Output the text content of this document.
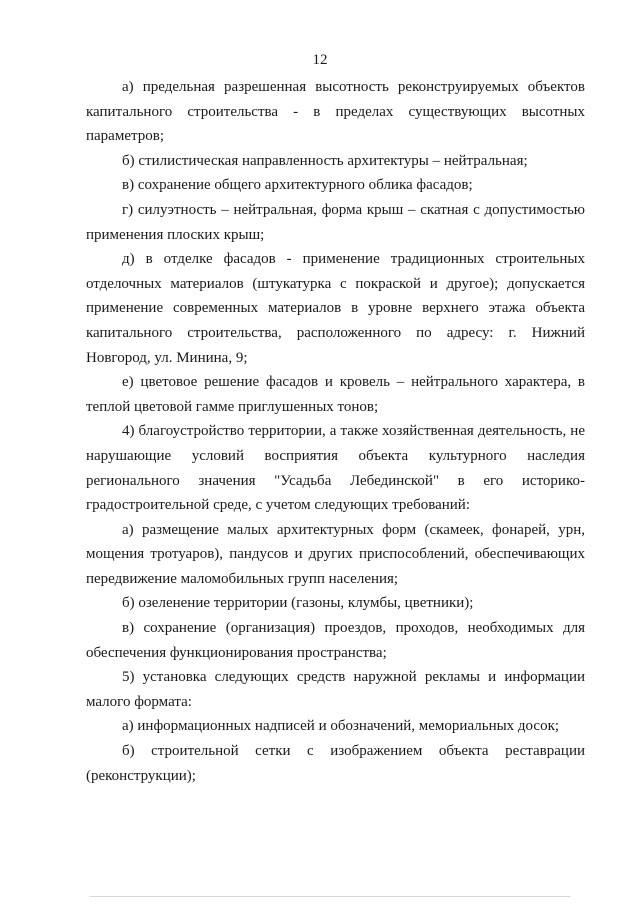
12

а) предельная разрешенная высотность реконструируемых объектов капитального строительства - в пределах существующих высотных параметров;

б) стилистическая направленность архитектуры – нейтральная;

в) сохранение общего архитектурного облика фасадов;

г) силуэтность – нейтральная, форма крыш – скатная с допустимостью применения плоских крыш;

д) в отделке фасадов - применение традиционных строительных отделочных материалов (штукатурка с покраской и другое); допускается применение современных материалов в уровне верхнего этажа объекта капитального строительства, расположенного по адресу: г. Нижний Новгород, ул. Минина, 9;

е) цветовое решение фасадов и кровель – нейтрального характера, в теплой цветовой гамме приглушенных тонов;

4) благоустройство территории, а также хозяйственная деятельность, не нарушающие условий восприятия объекта культурного наследия регионального значения "Усадьба Лебединской" в его историко-градостроительной среде, с учетом следующих требований:

а) размещение малых архитектурных форм (скамеек, фонарей, урн, мощения тротуаров), пандусов и других приспособлений, обеспечивающих передвижение маломобильных групп населения;

б) озеленение территории (газоны, клумбы, цветники);

в) сохранение (организация) проездов, проходов, необходимых для обеспечения функционирования пространства;

5) установка следующих средств наружной рекламы и информации малого формата:

а) информационных надписей и обозначений, мемориальных досок;

б) строительной сетки с изображением объекта реставрации (реконструкции);
